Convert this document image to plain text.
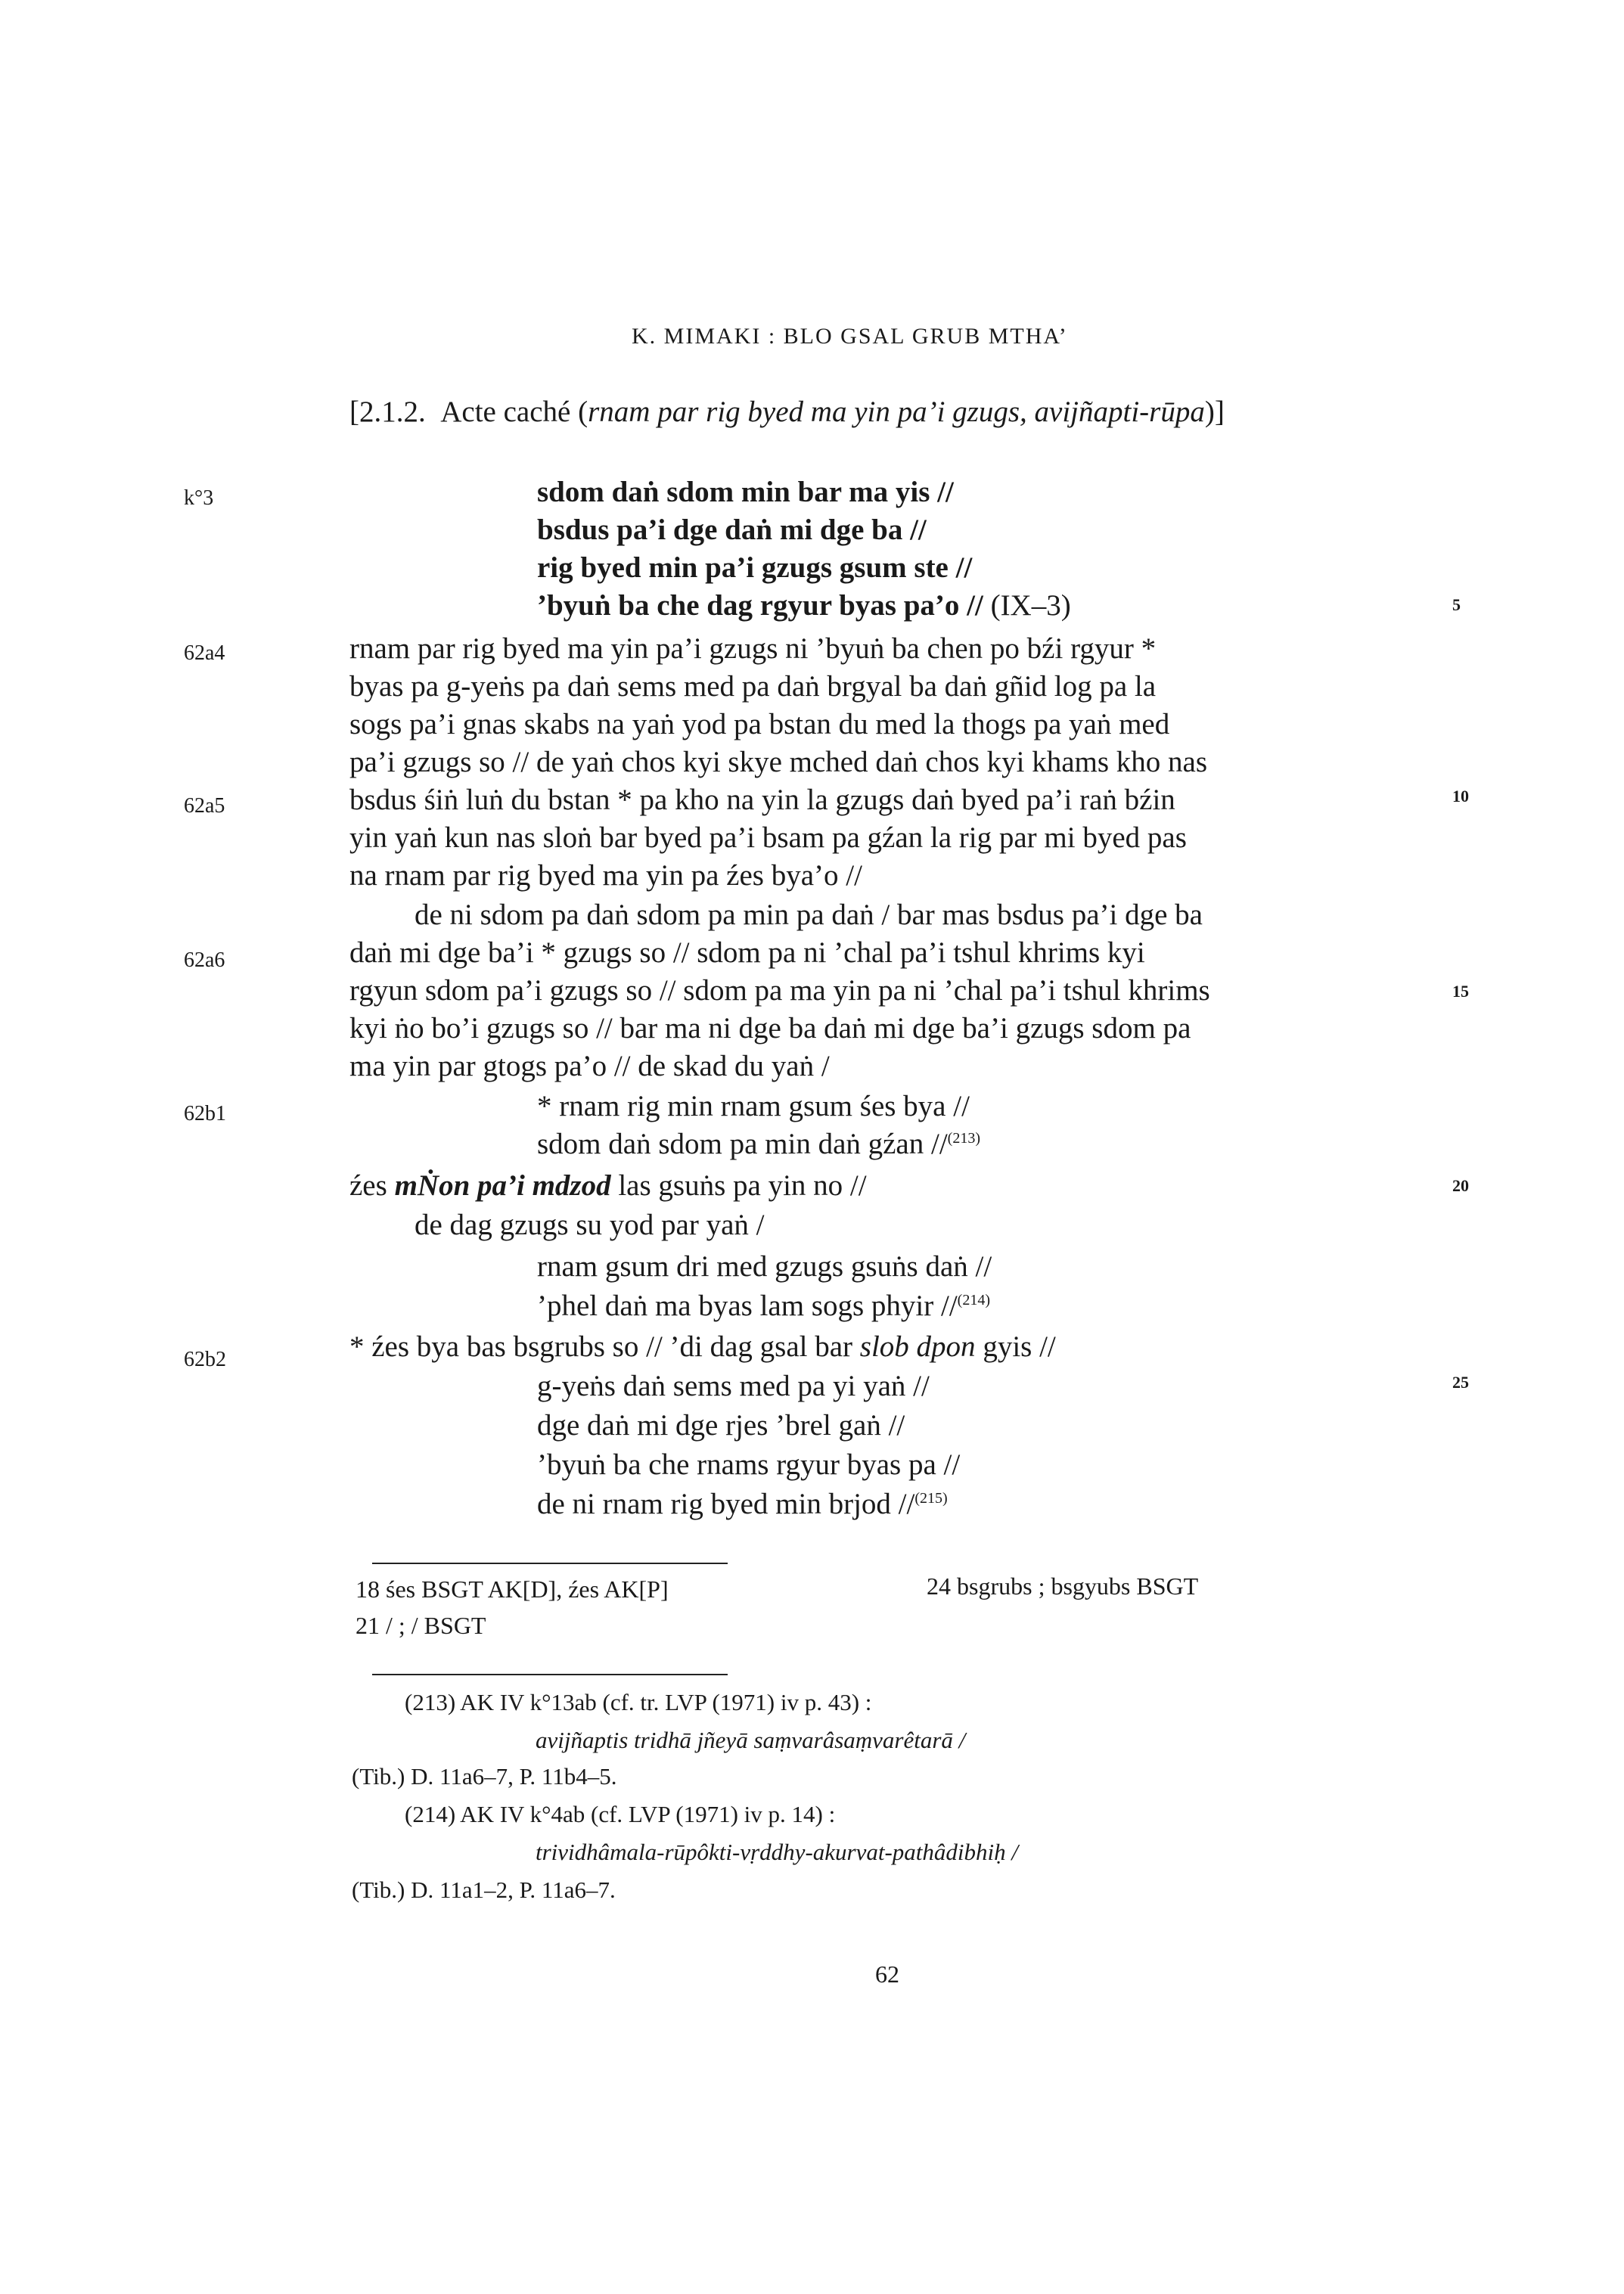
K. MIMAKI : BLO GSAL GRUB MTHA’
[2.1.2. Acte caché (rnam par rig byed ma yin pa’i gzugs, avijñapti-rūpa)]
k°3
62a4
62a5
62a6
62b1
62b2
5
10
15
20
25
sdom daṅ sdom min bar ma yis //
bsdus pa’i dge daṅ mi dge ba //
rig byed min pa’i gzugs gsum ste //
’byuṅ ba che dag rgyur byas pa’o // (IX–3)
rnam par rig byed ma yin pa’i gzugs ni ’byuṅ ba chen po bźi rgyur *
byas pa g-yeṅs pa daṅ sems med pa daṅ brgyal ba daṅ gñid log pa la
sogs pa’i gnas skabs na yaṅ yod pa bstan du med la thogs pa yaṅ med
pa’i gzugs so // de yaṅ chos kyi skye mched daṅ chos kyi khams kho nas
bsdus śiṅ luṅ du bstan * pa kho na yin la gzugs daṅ byed pa’i raṅ bźin
yin yaṅ kun nas sloṅ bar byed pa’i bsam pa gźan la rig par mi byed pas
na rnam par rig byed ma yin pa źes bya’o //
de ni sdom pa daṅ sdom pa min pa daṅ / bar mas bsdus pa’i dge ba
daṅ mi dge ba’i * gzugs so // sdom pa ni ’chal pa’i tshul khrims kyi
rgyun sdom pa’i gzugs so // sdom pa ma yin pa ni ’chal pa’i tshul khrims
kyi ṅo bo’i gzugs so // bar ma ni dge ba daṅ mi dge ba’i gzugs sdom pa
ma yin par gtogs pa’o // de skad du yaṅ /
* rnam rig min rnam gsum śes bya //
sdom daṅ sdom pa min daṅ gźan //$^{(213)}$
źes mṄon pa’i mdzod las gsuṅs pa yin no //
de dag gzugs su yod par yaṅ /
rnam gsum dri med gzugs gsuṅs daṅ //
’phel daṅ ma byas lam sogs phyir //$^{(214)}$
* źes bya bas bsgrubs so // ’di dag gsal bar slob dpon gyis //
g-yeṅs daṅ sems med pa yi yaṅ //
dge daṅ mi dge rjes ’brel gaṅ //
’byuṅ ba che rnams rgyur byas pa //
de ni rnam rig byed min brjod //$^{(215)}$
18 śes BSGT AK[D], źes AK[P]	24 bsgrubs ; bsgyubs BSGT
21 / ; / BSGT
(213) AK IV k°13ab (cf. tr. LVP (1971) iv p. 43) :
avijñaptis tridhā jñeyā saṃvarâsaṃvarêtarā /
(Tib.) D. 11a6–7, P. 11b4–5.
(214) AK IV k°4ab (cf. LVP (1971) iv p. 14) :
trividhâmala-rūpôkti-vṛddhy-akurvat-pathâdibhiḥ /
(Tib.) D. 11a1–2, P. 11a6–7.
62
